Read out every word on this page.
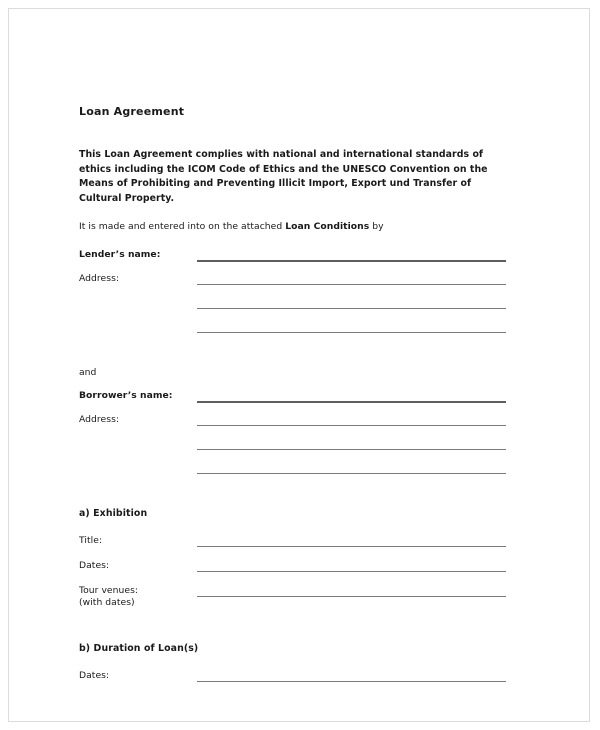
Loan Agreement
This Loan Agreement complies with national and international standards of ethics including the ICOM Code of Ethics and the UNESCO Convention on the Means of Prohibiting and Preventing Illicit Import, Export und Transfer of Cultural Property.
It is made and entered into on the attached Loan Conditions by
Lender’s name:
Address:
and
Borrower’s name:
Address:
a) Exhibition
Title:
Dates:
Tour venues:
(with dates)
b) Duration of Loan(s)
Dates:
